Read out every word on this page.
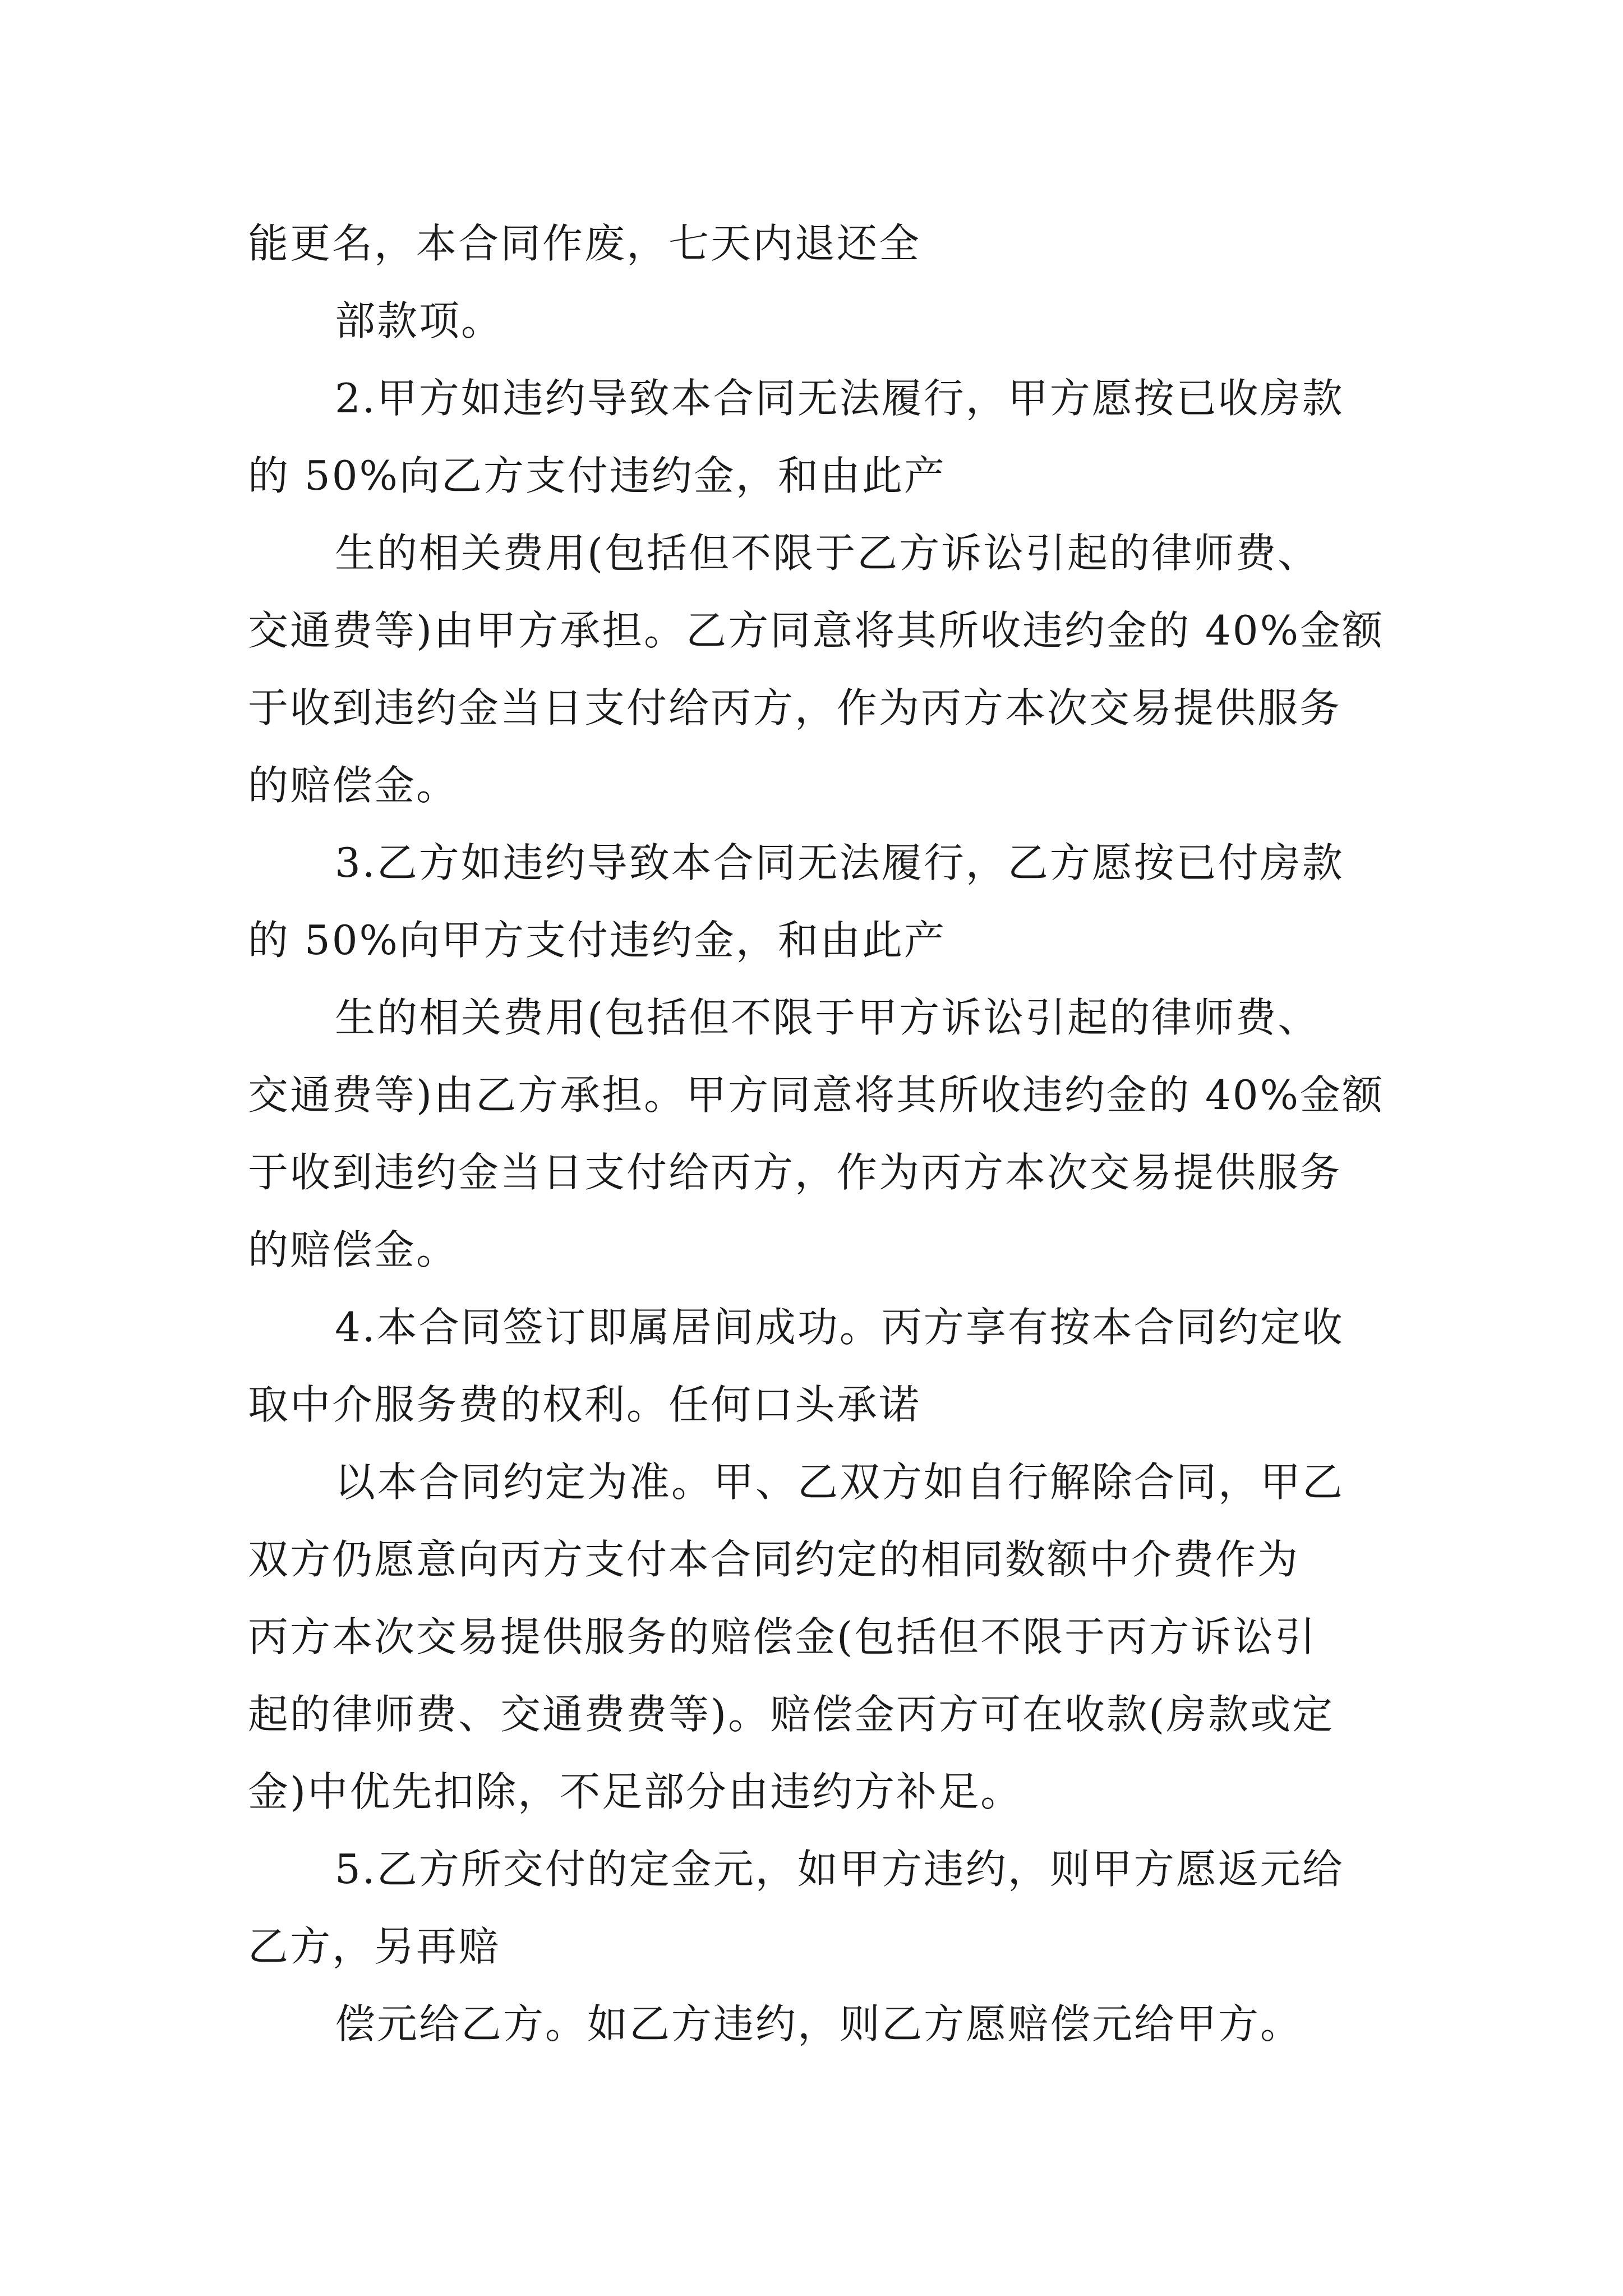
能更名，本合同作废，七天内退还全
部款项。
2.甲方如违约导致本合同无法履行，甲方愿按已收房款
的 50%向乙方支付违约金，和由此产
生的相关费用(包括但不限于乙方诉讼引起的律师费、
交通费等)由甲方承担。乙方同意将其所收违约金的 40%金额
于收到违约金当日支付给丙方，作为丙方本次交易提供服务
的赔偿金。
3.乙方如违约导致本合同无法履行，乙方愿按已付房款
的 50%向甲方支付违约金，和由此产
生的相关费用(包括但不限于甲方诉讼引起的律师费、
交通费等)由乙方承担。甲方同意将其所收违约金的 40%金额
于收到违约金当日支付给丙方，作为丙方本次交易提供服务
的赔偿金。
4.本合同签订即属居间成功。丙方享有按本合同约定收
取中介服务费的权利。任何口头承诺
以本合同约定为准。甲、乙双方如自行解除合同，甲乙
双方仍愿意向丙方支付本合同约定的相同数额中介费作为
丙方本次交易提供服务的赔偿金(包括但不限于丙方诉讼引
起的律师费、交通费费等)。赔偿金丙方可在收款(房款或定
金)中优先扣除，不足部分由违约方补足。
5.乙方所交付的定金元，如甲方违约，则甲方愿返元给
乙方，另再赔
偿元给乙方。如乙方违约，则乙方愿赔偿元给甲方。
